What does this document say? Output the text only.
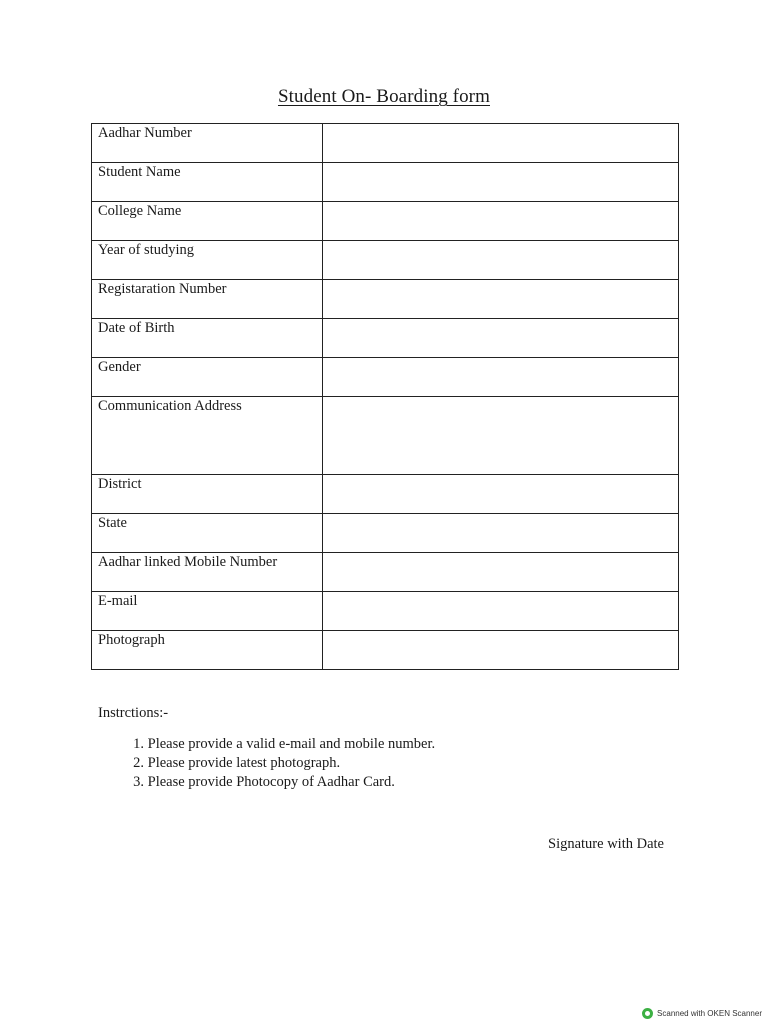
Student On- Boarding form
Aadhar Number	
Student Name	
College Name	
Year of studying	
Registaration Number	
Date of Birth	
Gender	
Communication Address	
District	
State	
Aadhar linked Mobile Number	
E-mail	
Photograph	
Instrctions:-
1. Please provide a valid e-mail and mobile number.
2. Please provide latest photograph.
3. Please provide Photocopy of Aadhar Card.
Signature with Date
Scanned with OKEN Scanner
